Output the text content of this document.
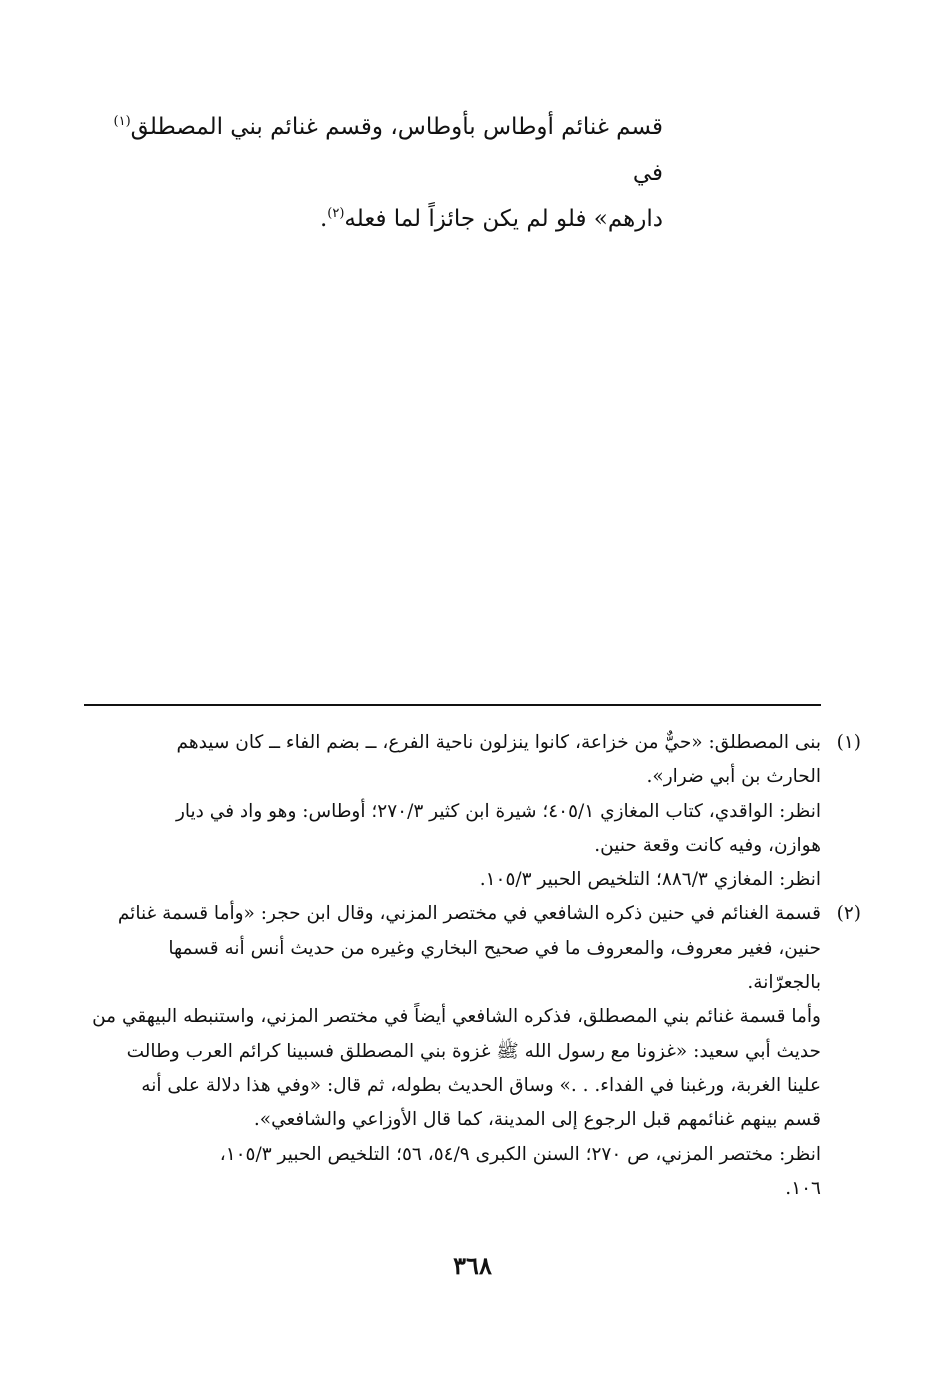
قسم غنائم أوطاس بأوطاس، وقسم غنائم بني المصطلق$^{(١)}$ في

دارهم» فلو لم يكن جائزاً لما فعله$^{(٢)}$.

(١)

بنى المصطلق: «حيٌّ من خزاعة، كانوا ينزلون ناحية الفرع، ــ بضم الفاء ــ كان سيدهم

الحارث بن أبي ضرار».

انظر: الواقدي، كتاب المغازي ٤٠٥/١؛ شيرة ابن كثير ٢٧٠/٣؛ أوطاس: وهو واد في ديار

هوازن، وفيه كانت وقعة حنين.

انظر: المغازي ٨٨٦/٣؛ التلخيص الحبير ١٠٥/٣.

(٢)

قسمة الغنائم في حنين ذكره الشافعي في مختصر المزني، وقال ابن حجر: «وأما قسمة غنائم

حنين، فغير معروف، والمعروف ما في صحيح البخاري وغيره من حديث أنس أنه قسمها

بالجعرّانة.

وأما قسمة غنائم بني المصطلق، فذكره الشافعي أيضاً في مختصر المزني، واستنبطه البيهقي من

حديث أبي سعيد: «غزونا مع رسول الله ﷺ غزوة بني المصطلق فسبينا كرائم العرب وطالت

علينا الغربة، ورغبنا في الفداء. . .» وساق الحديث بطوله، ثم قال: «وفي هذا دلالة على أنه

قسم بينهم غنائمهم قبل الرجوع إلى المدينة، كما قال الأوزاعي والشافعي».

انظر: مختصر المزني، ص ٢٧٠؛ السنن الكبرى ٥٤/٩، ٥٦؛ التلخيص الحبير ١٠٥/٣،

١٠٦.

٣٦٨
